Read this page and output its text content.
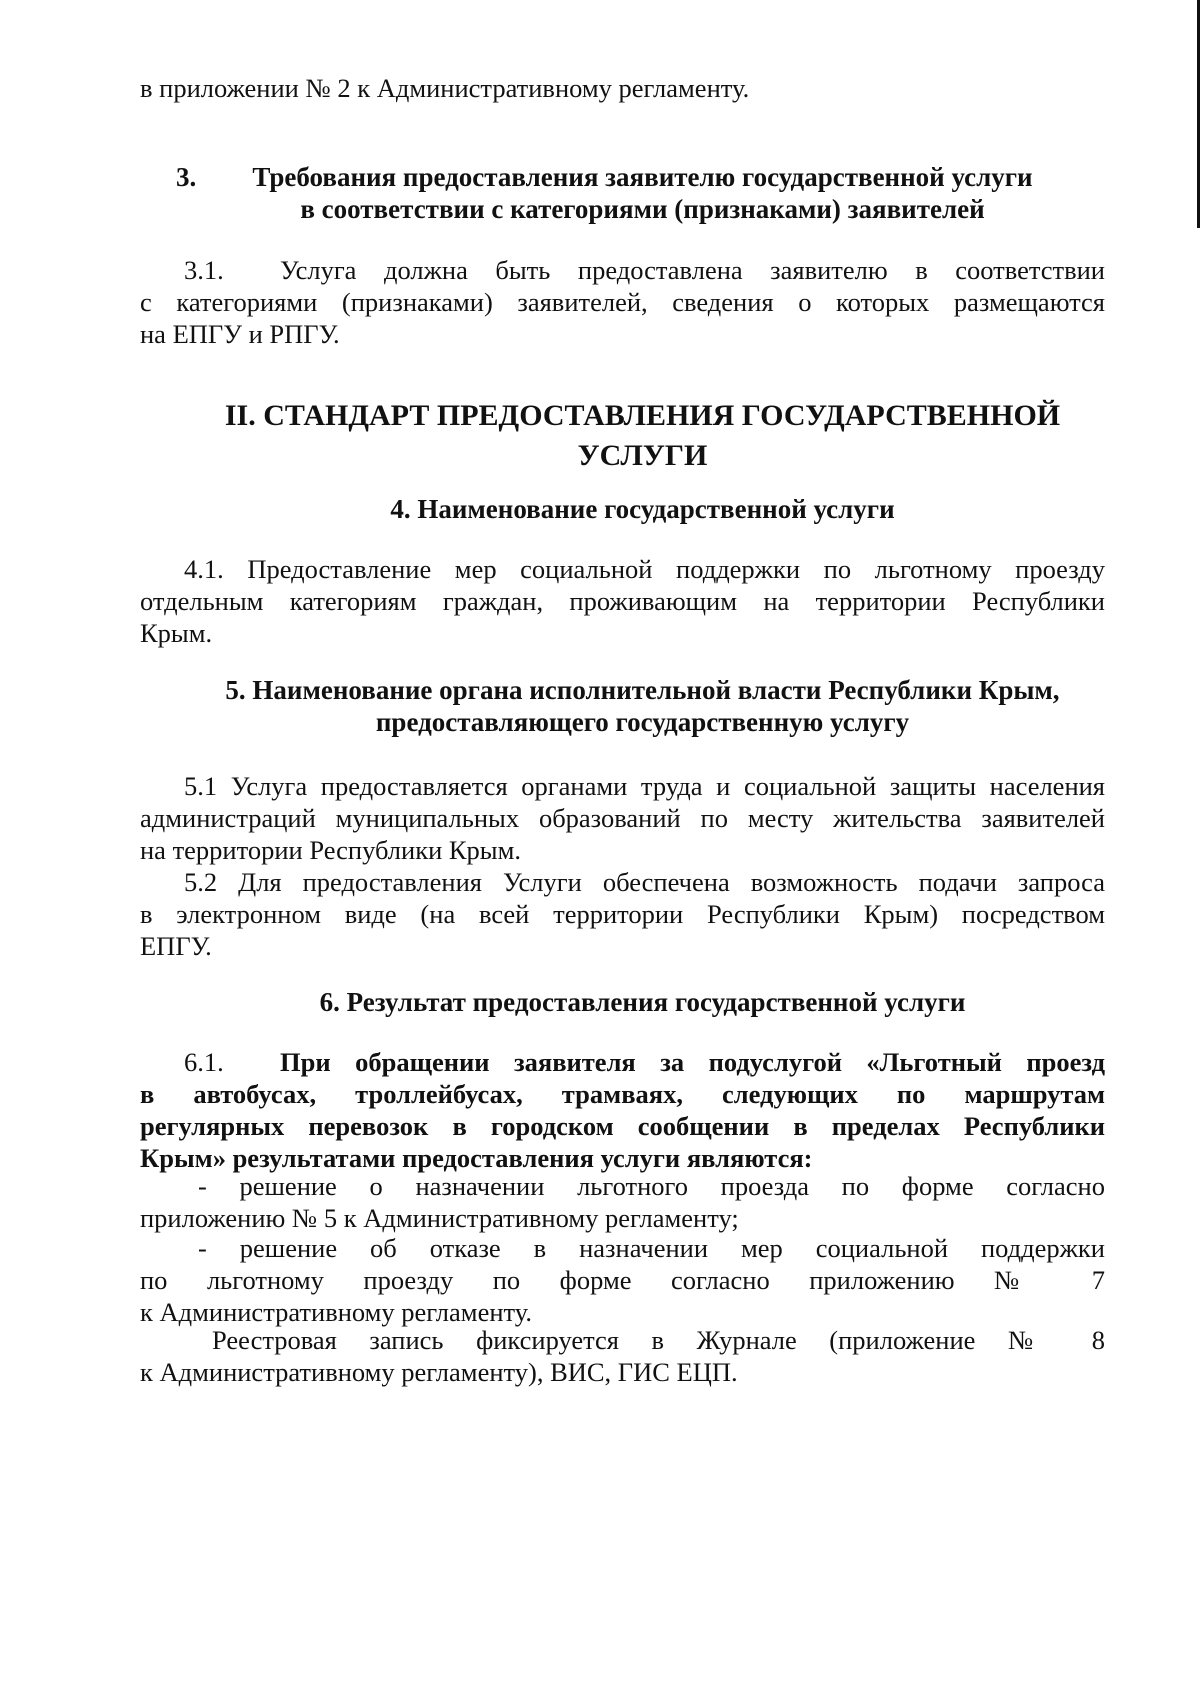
в приложении № 2 к Административному регламенту.
3.	Требования предоставления заявителю государственной услуги
в соответствии с категориями (признаками) заявителей
3.1. Услуга должна быть предоставлена заявителю в соответствии
с категориями (признаками) заявителей, сведения о которых размещаются
на ЕПГУ и РПГУ.
II. СТАНДАРТ ПРЕДОСТАВЛЕНИЯ ГОСУДАРСТВЕННОЙ
УСЛУГИ
4. Наименование государственной услуги
4.1. Предоставление мер социальной поддержки по льготному проезду
отдельным категориям граждан, проживающим на территории Республики
Крым.
5. Наименование органа исполнительной власти Республики Крым,
предоставляющего государственную услугу
5.1 Услуга предоставляется органами труда и социальной защиты населения
администраций муниципальных образований по месту жительства заявителей
на территории Республики Крым.
5.2 Для предоставления Услуги обеспечена возможность подачи запроса
в электронном виде (на всей территории Республики Крым) посредством
ЕПГУ.
6. Результат предоставления государственной услуги
6.1. При обращении заявителя за подуслугой «Льготный проезд
в автобусах, троллейбусах, трамваях, следующих по маршрутам
регулярных перевозок в городском сообщении в пределах Республики
Крым» результатами предоставления услуги являются:
- решение о назначении льготного проезда по форме согласно
приложению № 5 к Административному регламенту;
- решение об отказе в назначении мер социальной поддержки
по льготному проезду по форме согласно приложению № 7
к Административному регламенту.
Реестровая запись фиксируется в Журнале (приложение № 8
к Административному регламенту), ВИС, ГИС ЕЦП.
